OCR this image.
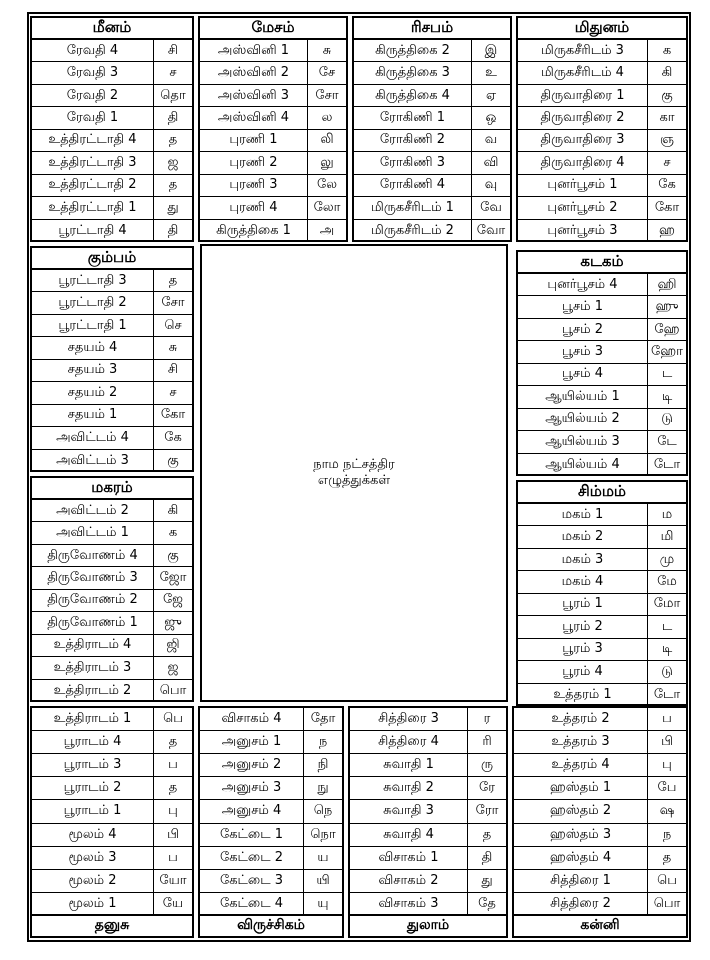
மீனம்
ரேவதி 4	சி
ரேவதி 3	ச
ரேவதி 2	தொ
ரேவதி 1	தி
உத்திரட்டாதி 4	த
உத்திரட்டாதி 3	ஜ
உத்திரட்டாதி 2	த
உத்திரட்டாதி 1	து
பூரட்டாதி 4	தி
மேசம்
அஸ்வினி 1	சு
அஸ்வினி 2	சே
அஸ்வினி 3	சோ
அஸ்வினி 4	ல
புரணி 1	லி
புரணி 2	லு
புரணி 3	லே
புரணி 4	லோ
கிருத்திகை 1	அ
ரிசபம்
கிருத்திகை 2	இ
கிருத்திகை 3	உ
கிருத்திகை 4	ஏ
ரோகிணி 1	ஒ
ரோகிணி 2	வ
ரோகிணி 3	வி
ரோகிணி 4	வு
மிருகசீரிடம் 1	வே
மிருகசீரிடம் 2	வோ
மிதுனம்
மிருகசீரிடம் 3	க
மிருகசீரிடம் 4	கி
திருவாதிரை 1	கு
திருவாதிரை 2	கா
திருவாதிரை 3	ஞ
திருவாதிரை 4	ச
புனர்பூசம் 1	கே
புனர்பூசம் 2	கோ
புனர்பூசம் 3	ஹ
கும்பம்
பூரட்டாதி 3	த
பூரட்டாதி 2	சோ
பூரட்டாதி 1	செ
சதயம் 4	சு
சதயம் 3	சி
சதயம் 2	ச
சதயம் 1	கோ
அவிட்டம் 4	கே
அவிட்டம் 3	கு
மகரம்
அவிட்டம் 2	கி
அவிட்டம் 1	க
திருவோணம் 4	கு
திருவோணம் 3	ஜோ
திருவோணம் 2	ஜே
திருவோணம் 1	ஜு
உத்திராடம் 4	ஜி
உத்திராடம் 3	ஜ
உத்திராடம் 2	பொ
கடகம்
புனர்பூசம் 4	ஹி
பூசம் 1	ஹு
பூசம் 2	ஹே
பூசம் 3	ஹோ
பூசம் 4	ட
ஆயில்யம் 1	டி
ஆயில்யம் 2	டு
ஆயில்யம் 3	டே
ஆயில்யம் 4	டோ
சிம்மம்
மகம் 1	ம
மகம் 2	மி
மகம் 3	மு
மகம் 4	மே
பூரம் 1	மோ
பூரம் 2	ட
பூரம் 3	டி
பூரம் 4	டு
உத்தரம் 1	டோ
நாம நட்சத்திர
எழுத்துக்கள்
உத்திராடம் 1	பெ
பூராடம் 4	த
பூராடம் 3	ப
பூராடம் 2	த
பூராடம் 1	பு
மூலம் 4	பி
மூலம் 3	ப
மூலம் 2	யோ
மூலம் 1	யே
தனுசு
விசாகம் 4	தோ
அனுசம் 1	ந
அனுசம் 2	நி
அனுசம் 3	நு
அனுசம் 4	நெ
கேட்டை 1	நொ
கேட்டை 2	ய
கேட்டை 3	யி
கேட்டை 4	யு
விருச்சிகம்
சித்திரை 3	ர
சித்திரை 4	ரி
சுவாதி 1	ரு
சுவாதி 2	ரே
சுவாதி 3	ரோ
சுவாதி 4	த
விசாகம் 1	தி
விசாகம் 2	து
விசாகம் 3	தே
துலாம்
உத்தரம் 2	ப
உத்தரம் 3	பி
உத்தரம் 4	பு
ஹஸ்தம் 1	பே
ஹஸ்தம் 2	ஷ
ஹஸ்தம் 3	ந
ஹஸ்தம் 4	த
சித்திரை 1	பெ
சித்திரை 2	பொ
கன்னி
